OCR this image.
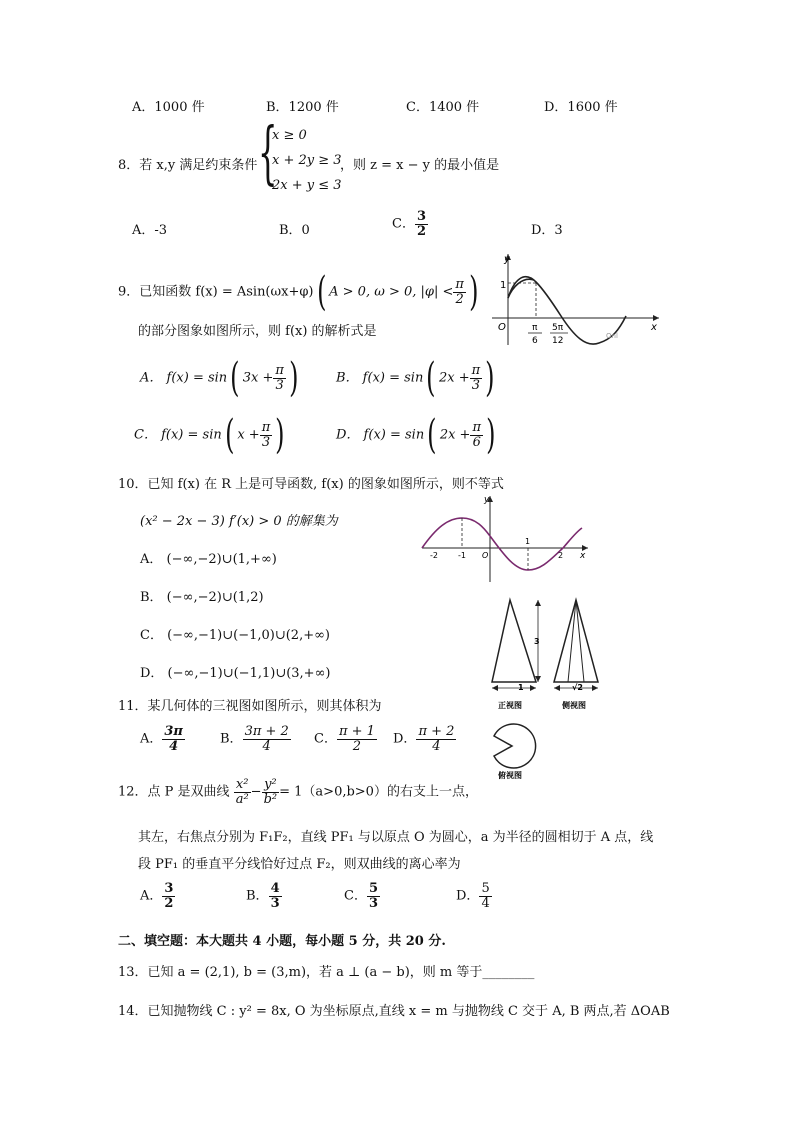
A．1000 件	B．1200 件	C．1400 件	D．1600 件
8．若 x,y 满足约束条件 {
x ≥ 0
x + 2y ≥ 3
2x + y ≤ 3
，则 z = x − y 的最小值是
A．-3	B．0	C． $\frac{3}{2}$	D．3
9．已知函数 f(x) = Asin(ωx+φ)( A > 0, ω > 0, $|\varphi| < \frac{\pi}{2}$ )
的部分图象如图所示，则 f(x) 的解析式是
y
x
O
1
π
6
5π
12	Onl
A． f(x) = sin( $3x + \frac{\pi}{3}$ )	B． f(x) = sin( $2x + \frac{\pi}{3}$ )
C． f(x) = sin( $x + \frac{\pi}{3}$ )	D． f(x) = sin( $2x + \frac{\pi}{6}$ )
10．已知 f(x) 在 R 上是可导函数, f(x) 的图象如图所示，则不等式
(x² − 2x − 3) f′(x) > 0 的解集为
A． (−∞,−2)∪(1,+∞)
B． (−∞,−2)∪(1,2)
C． (−∞,−1)∪(−1,0)∪(2,+∞)
D． (−∞,−1)∪(−1,1)∪(3,+∞)
y
x
-2	-1 O
1
2
3
1
正视图
√2
侧视图
俯视图
11．某几何体的三视图如图所示，则其体积为
A． $\frac{3\pi}{4}$	B． $\frac{3\pi + 2}{4}$ C． $\frac{\pi + 1}{2}$ D． $\frac{\pi + 2}{4}$
12．点 P 是双曲线 $\frac{\text{x²}}{\text{a²}} - \frac{\text{y²}}{\text{b²}} = 1(a>0,b>0)$的右支上一点，
其左，右焦点分别为 F₁F₂，直线 PF₁ 与以原点 O 为圆心，a 为半径的圆相切于 A 点，线
段 PF₁ 的垂直平分线恰好过点 F₂，则双曲线的离心率为
A． $\frac{3}{2}$	B． $\frac{4}{3}$	C． $\frac{5}{3}$	D． $\frac{5}{4}$
二、填空题：本大题共 4 小题，每小题 5 分，共 20 分.
13．已知 a = (2,1), b = (3,m)，若 a ⊥ (a − b)，则 m 等于________
14．已知抛物线 C : y² = 8x, O 为坐标原点,直线 x = m 与抛物线 C 交于 A, B 两点,若 ΔOAB
